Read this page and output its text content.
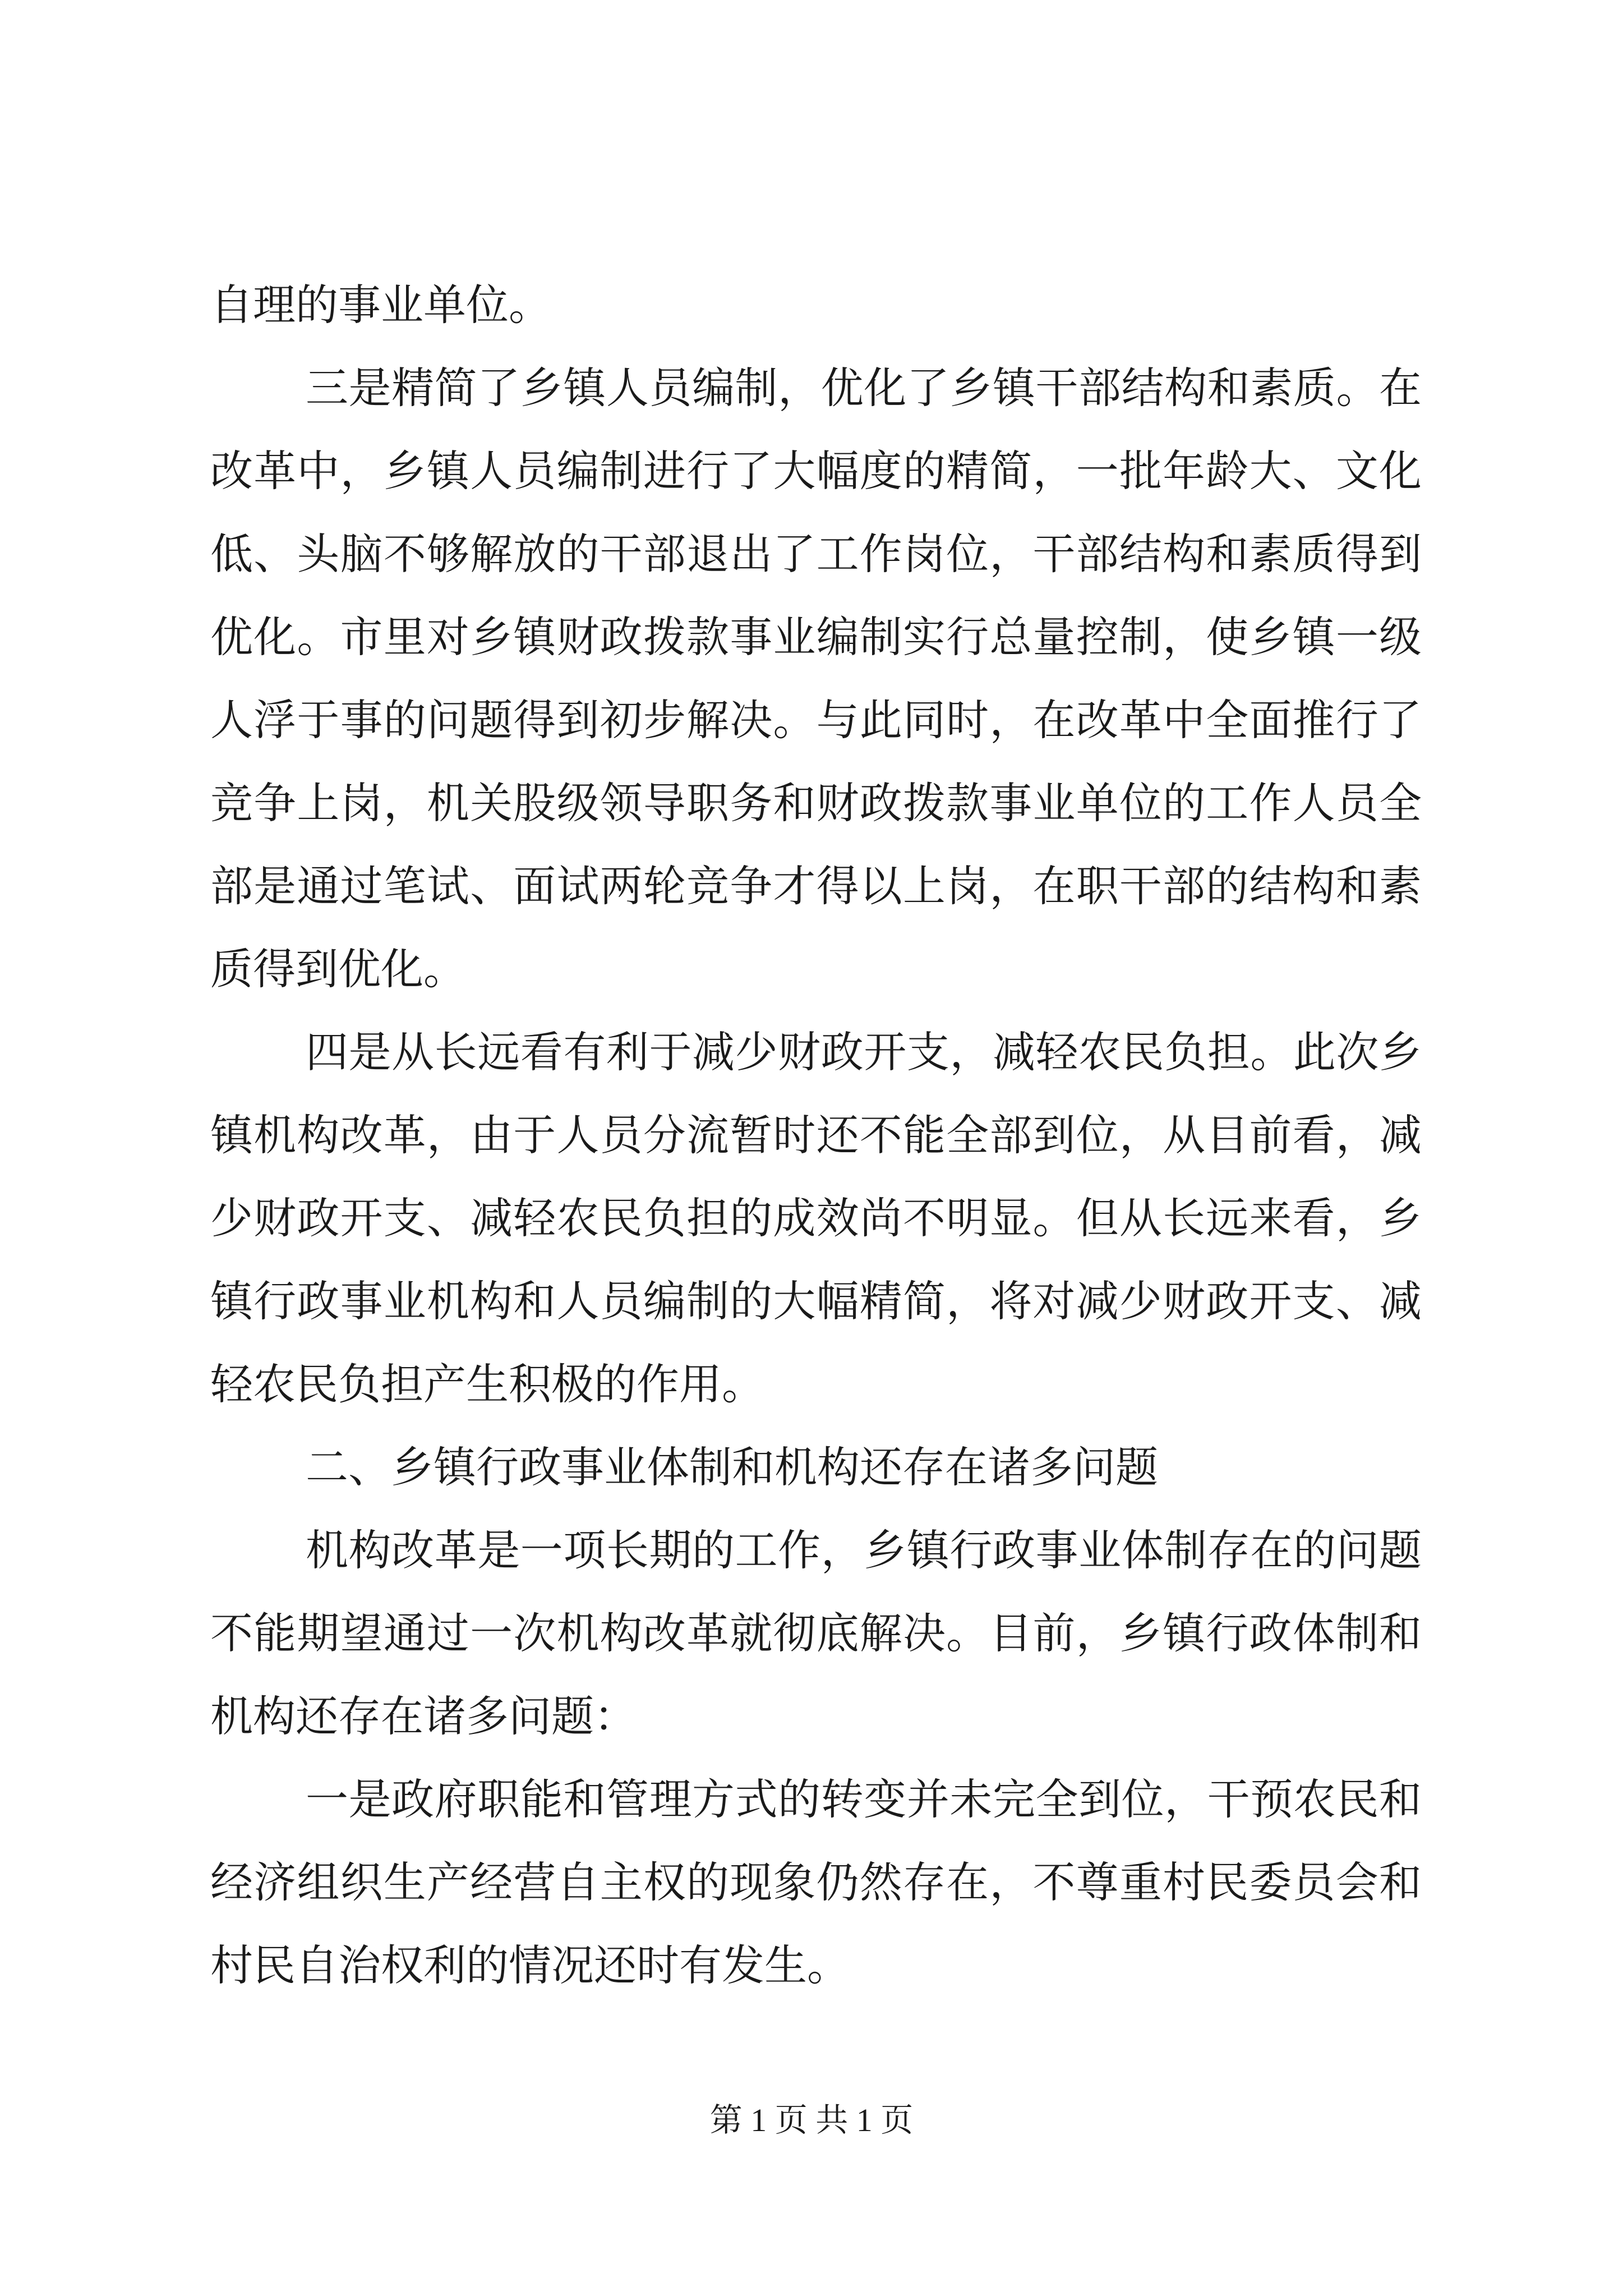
自理的事业单位。
三是精简了乡镇人员编制，优化了乡镇干部结构和素质。在
改革中，乡镇人员编制进行了大幅度的精简，一批年龄大、文化
低、头脑不够解放的干部退出了工作岗位，干部结构和素质得到
优化。市里对乡镇财政拨款事业编制实行总量控制，使乡镇一级
人浮于事的问题得到初步解决。与此同时，在改革中全面推行了
竞争上岗，机关股级领导职务和财政拨款事业单位的工作人员全
部是通过笔试、面试两轮竞争才得以上岗，在职干部的结构和素
质得到优化。
四是从长远看有利于减少财政开支，减轻农民负担。此次乡
镇机构改革，由于人员分流暂时还不能全部到位，从目前看，减
少财政开支、减轻农民负担的成效尚不明显。但从长远来看，乡
镇行政事业机构和人员编制的大幅精简，将对减少财政开支、减
轻农民负担产生积极的作用。
二、乡镇行政事业体制和机构还存在诸多问题
机构改革是一项长期的工作，乡镇行政事业体制存在的问题
不能期望通过一次机构改革就彻底解决。目前，乡镇行政体制和
机构还存在诸多问题：
一是政府职能和管理方式的转变并未完全到位，干预农民和
经济组织生产经营自主权的现象仍然存在，不尊重村民委员会和
村民自治权利的情况还时有发生。
第 1 页 共 1 页
